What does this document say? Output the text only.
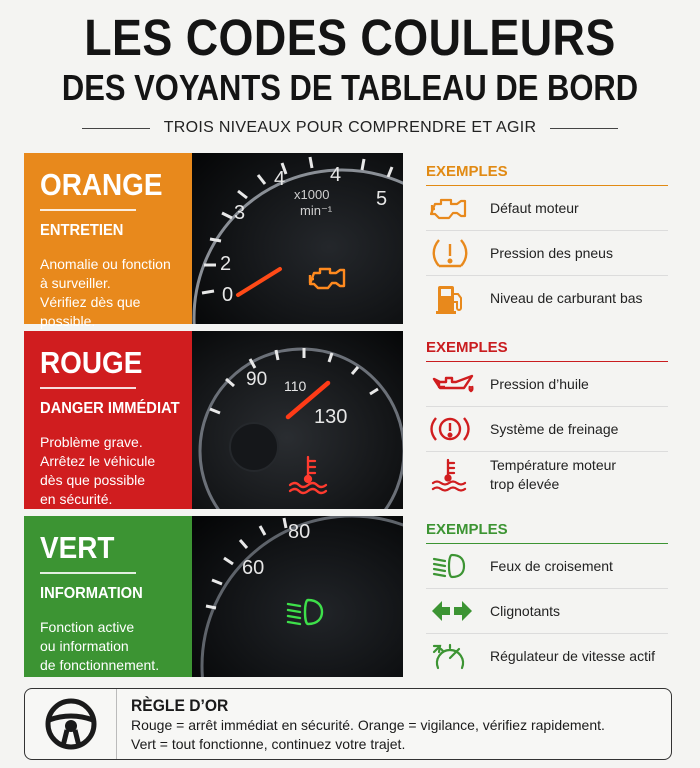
LES CODES COULEURS
DES VOYANTS DE TABLEAU DE BORD
TROIS NIVEAUX POUR COMPRENDRE ET AGIR
ORANGE
ENTRETIEN
Anomalie ou fonction
à surveiller.
Vérifiez dès que possible.
0
2
3
4 4
5
x1000
min⁻¹
EXEMPLES
Défaut moteur
Pression des pneus
Niveau de carburant bas
ROUGE
DANGER IMMÉDIAT
Problème grave.
Arrêtez le véhicule
dès que possible
en sécurité.
90 110
130
EXEMPLES
Pression d’huile
Système de freinage
Température moteur
trop élevée
VERT
INFORMATION
Fonction active
ou information
de fonctionnement.
60
80	EXEMPLES
Feux de croisement
Clignotants
Régulateur de vitesse actif
RÈGLE D’OR
Rouge = arrêt immédiat en sécurité. Orange = vigilance, vérifiez rapidement.
Vert = tout fonctionne, continuez votre trajet.
